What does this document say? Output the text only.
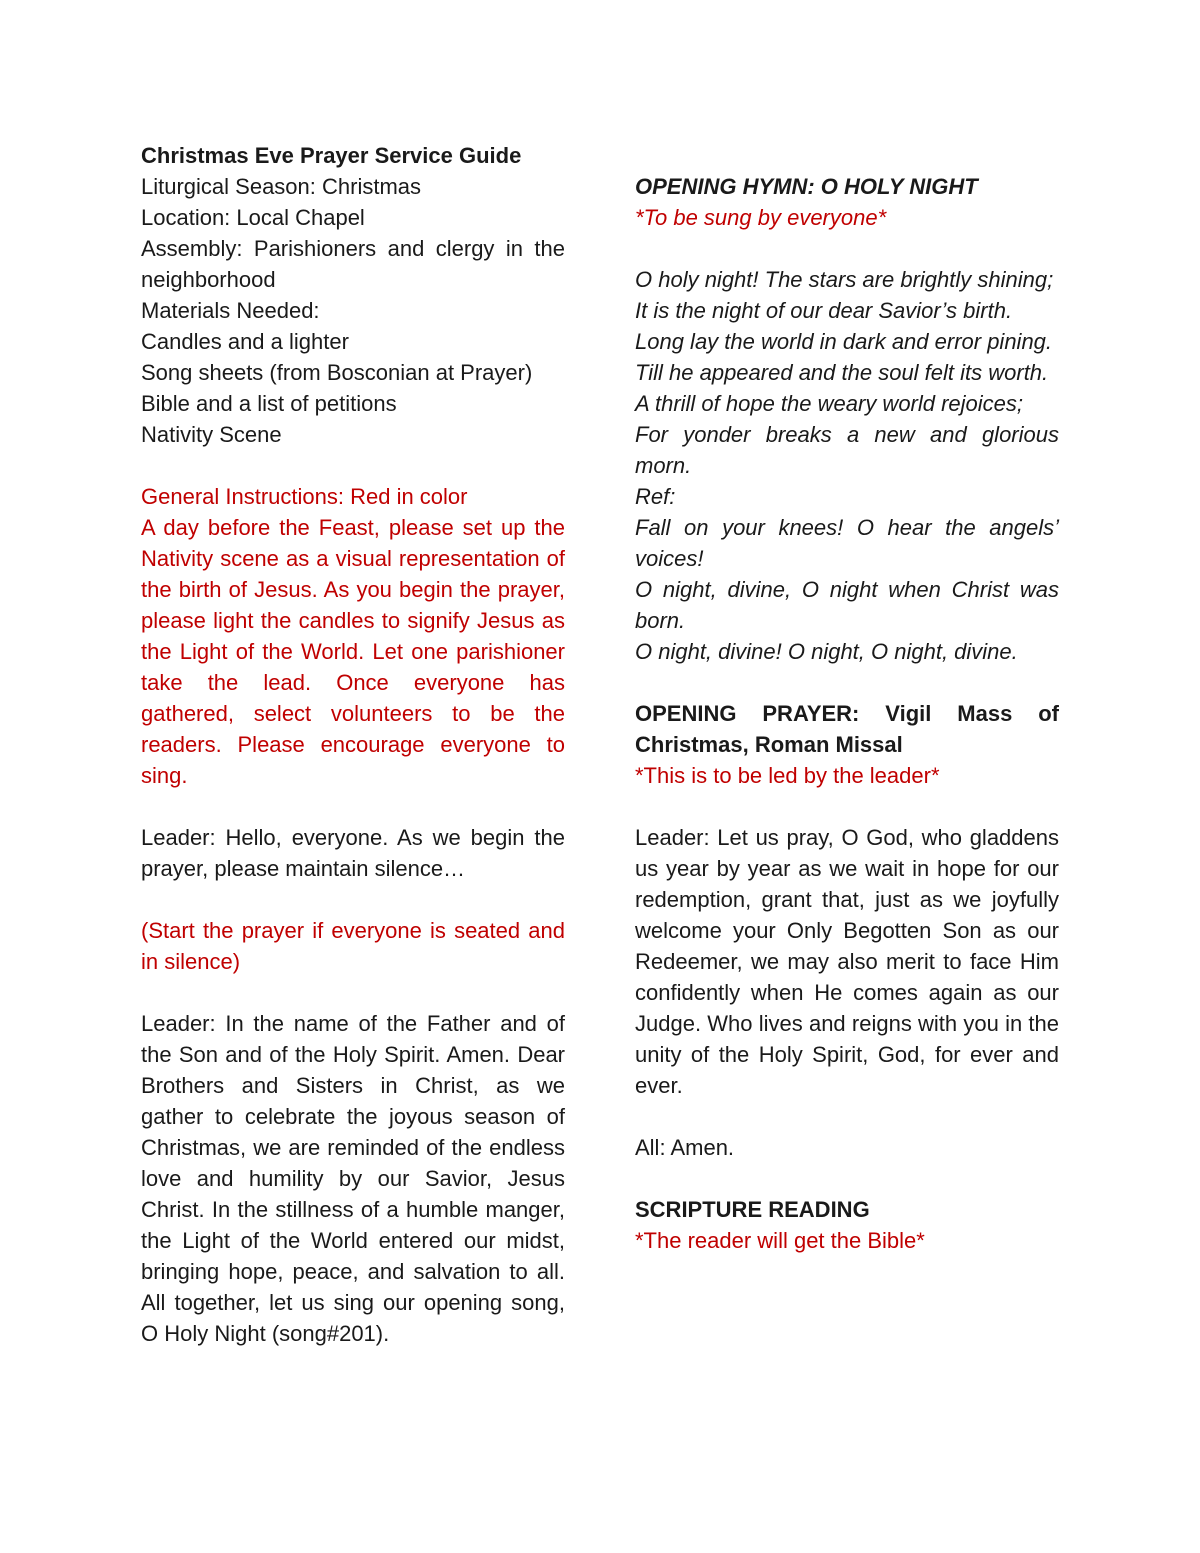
Christmas Eve Prayer Service Guide
Liturgical Season: Christmas
Location: Local Chapel
Assembly: Parishioners and clergy in the neighborhood
Materials Needed:
Candles and a lighter
Song sheets (from Bosconian at Prayer)
Bible and a list of petitions
Nativity Scene
General Instructions: Red in color
A day before the Feast, please set up the Nativity scene as a visual representation of the birth of Jesus. As you begin the prayer, please light the candles to signify Jesus as the Light of the World. Let one parishioner take the lead. Once everyone has gathered, select volunteers to be the readers. Please encourage everyone to sing.
Leader: Hello, everyone. As we begin the prayer, please maintain silence…
(Start the prayer if everyone is seated and in silence)
Leader: In the name of the Father and of the Son and of the Holy Spirit. Amen. Dear Brothers and Sisters in Christ, as we gather to celebrate the joyous season of Christmas, we are reminded of the endless love and humility by our Savior, Jesus Christ. In the stillness of a humble manger, the Light of the World entered our midst, bringing hope, peace, and salvation to all. All together, let us sing our opening song, O Holy Night (song#201).
OPENING HYMN: O HOLY NIGHT
*To be sung by everyone*
O holy night! The stars are brightly shining;
It is the night of our dear Savior’s birth.
Long lay the world in dark and error pining.
Till he appeared and the soul felt its worth.
A thrill of hope the weary world rejoices;
For yonder breaks a new and glorious morn.
Ref:
Fall on your knees! O hear the angels’ voices!
O night, divine, O night when Christ was born.
O night, divine! O night, O night, divine.
OPENING PRAYER: Vigil Mass of Christmas, Roman Missal
*This is to be led by the leader*
Leader: Let us pray, O God, who gladdens us year by year as we wait in hope for our redemption, grant that, just as we joyfully welcome your Only Begotten Son as our Redeemer, we may also merit to face Him confidently when He comes again as our Judge. Who lives and reigns with you in the unity of the Holy Spirit, God, for ever and ever.
All: Amen.
SCRIPTURE READING
*The reader will get the Bible*
